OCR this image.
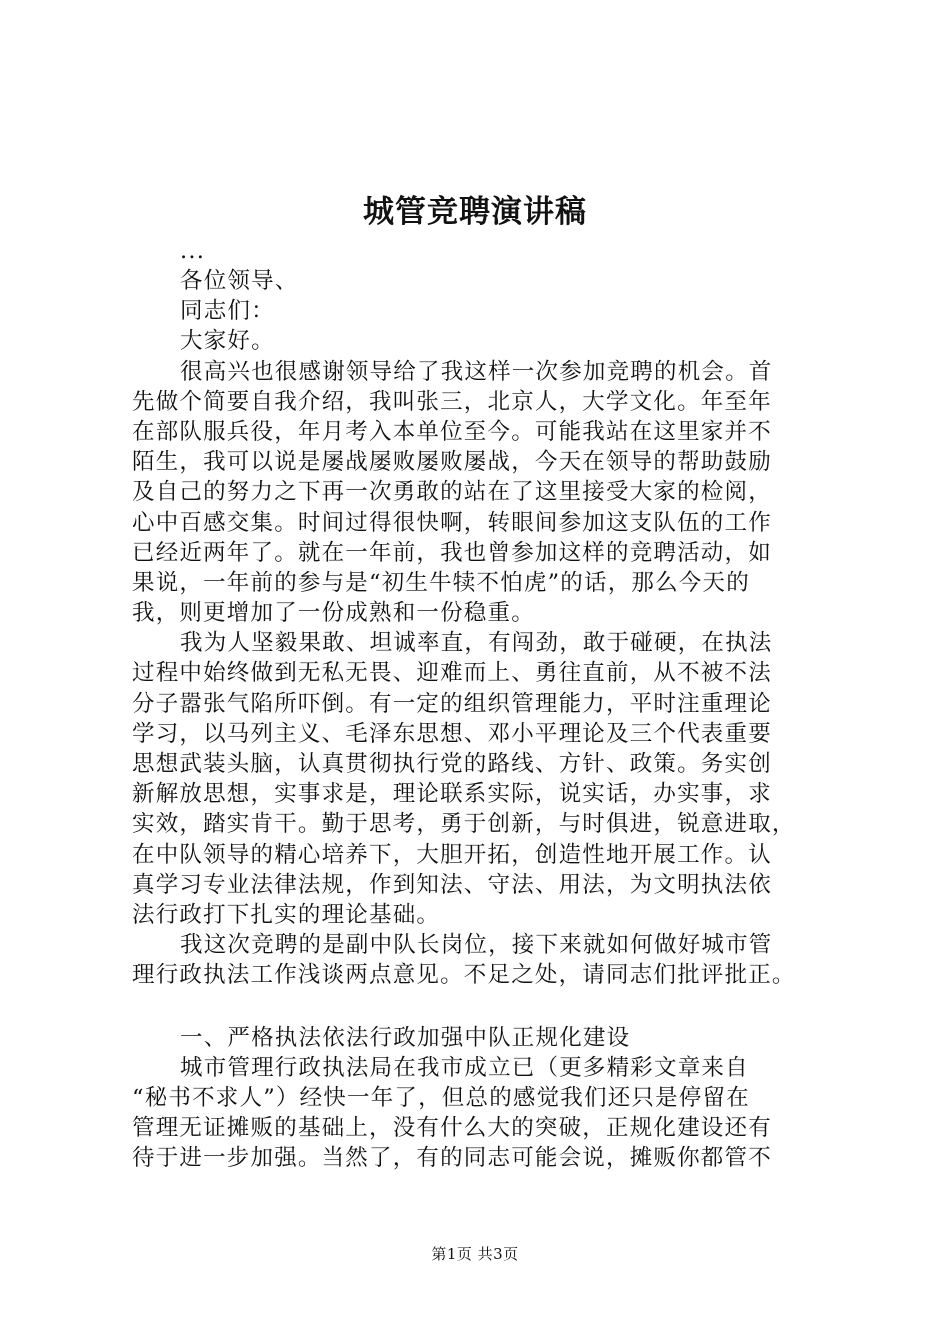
城管竞聘演讲稿
...
各位领导、
同志们：
大家好。
很高兴也很感谢领导给了我这样一次参加竞聘的机会。首
先做个简要自我介绍，我叫张三，北京人，大学文化。年至年
在部队服兵役，年月考入本单位至今。可能我站在这里家并不
陌生，我可以说是屡战屡败屡败屡战，今天在领导的帮助鼓励
及自己的努力之下再一次勇敢的站在了这里接受大家的检阅，
心中百感交集。时间过得很快啊，转眼间参加这支队伍的工作
已经近两年了。就在一年前，我也曾参加这样的竞聘活动，如
果说，一年前的参与是“初生牛犊不怕虎”的话，那么今天的
我，则更增加了一份成熟和一份稳重。
我为人坚毅果敢、坦诚率直，有闯劲，敢于碰硬，在执法
过程中始终做到无私无畏、迎难而上、勇往直前，从不被不法
分子嚣张气陷所吓倒。有一定的组织管理能力，平时注重理论
学习，以马列主义、毛泽东思想、邓小平理论及三个代表重要
思想武装头脑，认真贯彻执行党的路线、方针、政策。务实创
新解放思想，实事求是，理论联系实际，说实话，办实事，求
实效，踏实肯干。勤于思考，勇于创新，与时俱进，锐意进取，
在中队领导的精心培养下，大胆开拓，创造性地开展工作。认
真学习专业法律法规，作到知法、守法、用法，为文明执法依
法行政打下扎实的理论基础。
我这次竞聘的是副中队长岗位，接下来就如何做好城市管
理行政执法工作浅谈两点意见。不足之处，请同志们批评批正。
一、严格执法依法行政加强中队正规化建设
城市管理行政执法局在我市成立已（更多精彩文章来自
“秘书不求人”）经快一年了，但总的感觉我们还只是停留在
管理无证摊贩的基础上，没有什么大的突破，正规化建设还有
待于进一步加强。当然了，有的同志可能会说，摊贩你都管不
第1页 共3页
